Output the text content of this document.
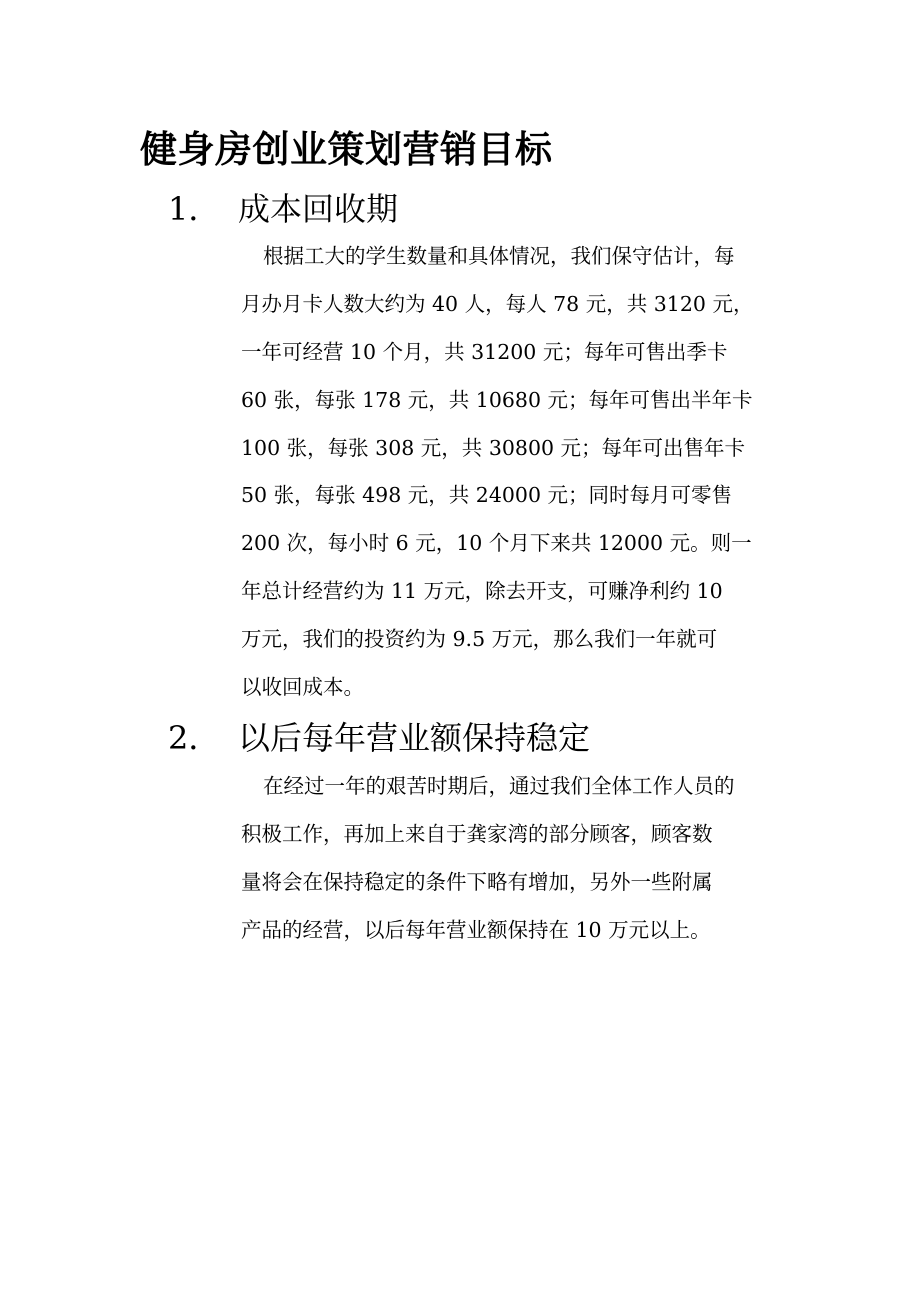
健身房创业策划营销目标
1． 成本回收期
根据工大的学生数量和具体情况，我们保守估计，每
月办月卡人数大约为 40 人，每人 78 元，共 3120 元，
一年可经营 10 个月，共 31200 元；每年可售出季卡
60 张，每张 178 元，共 10680 元；每年可售出半年卡
100 张，每张 308 元，共 30800 元；每年可出售年卡
50 张，每张 498 元，共 24000 元；同时每月可零售
200 次，每小时 6 元，10 个月下来共 12000 元。则一
年总计经营约为 11 万元，除去开支，可赚净利约 10
万元，我们的投资约为 9.5 万元，那么我们一年就可
以收回成本。
2． 以后每年营业额保持稳定
在经过一年的艰苦时期后，通过我们全体工作人员的
积极工作，再加上来自于龚家湾的部分顾客，顾客数
量将会在保持稳定的条件下略有增加，另外一些附属
产品的经营，以后每年营业额保持在 10 万元以上。
